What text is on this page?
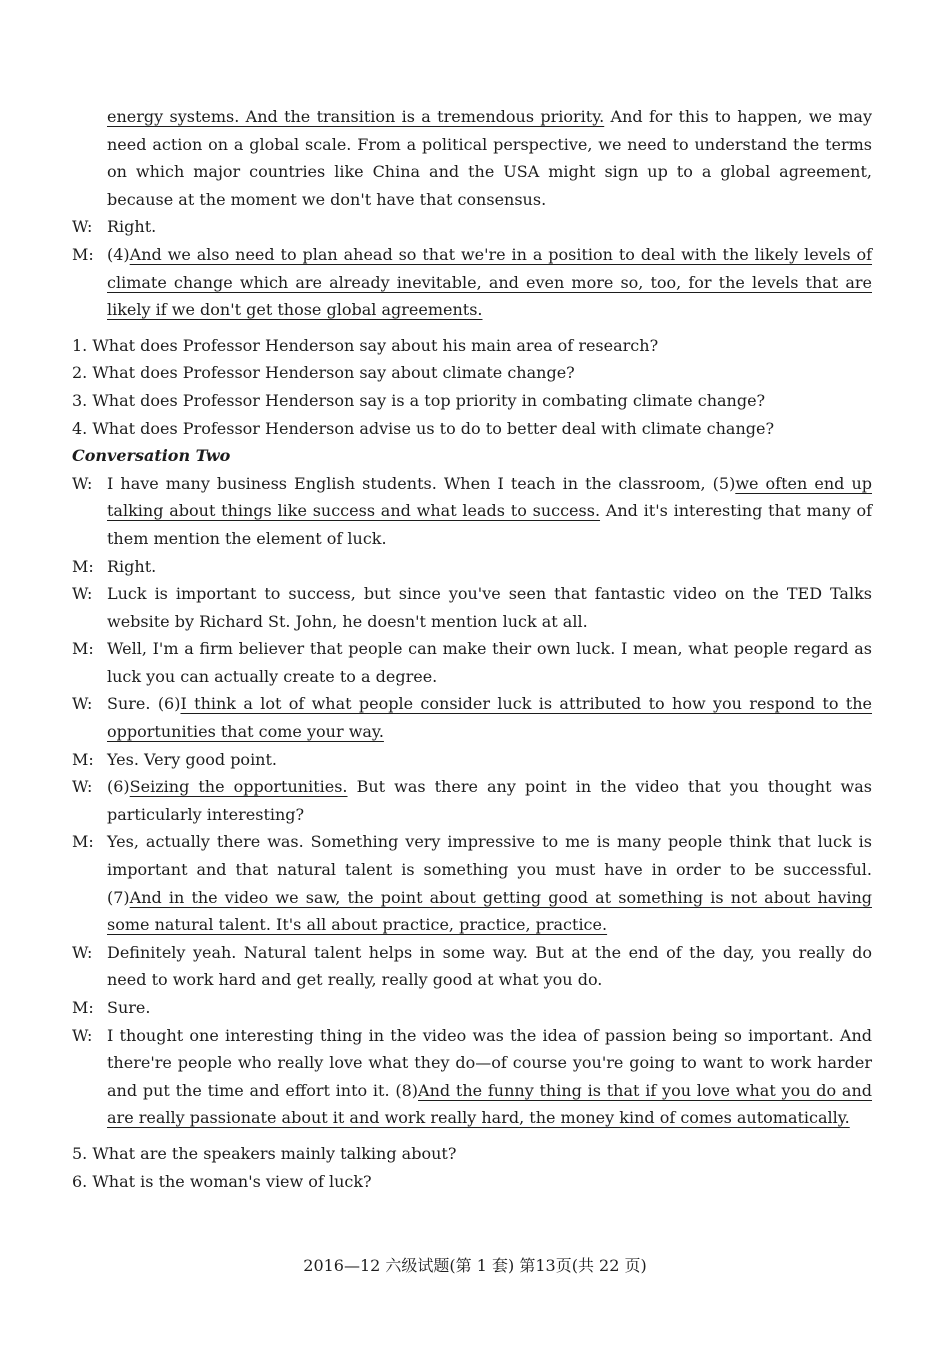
energy systems. And the transition is a tremendous priority. And for this to happen, we may need action on a global scale. From a political perspective, we need to understand the terms on which major countries like China and the USA might sign up to a global agreement, because at the moment we don't have that consensus.
W: Right.
M: (4)And we also need to plan ahead so that we're in a position to deal with the likely levels of climate change which are already inevitable, and even more so, too, for the levels that are likely if we don't get those global agreements.

1. What does Professor Henderson say about his main area of research?

2. What does Professor Henderson say about climate change?

3. What does Professor Henderson say is a top priority in combating climate change?

4. What does Professor Henderson advise us to do to better deal with climate change?

Conversation Two
W: I have many business English students. When I teach in the classroom, (5)we often end up talking about things like success and what leads to success. And it's interesting that many of them mention the element of luck.
M: Right.
W: Luck is important to success, but since you've seen that fantastic video on the TED Talks website by Richard St. John, he doesn't mention luck at all.
M: Well, I'm a firm believer that people can make their own luck. I mean, what people regard as luck you can actually create to a degree.
W: Sure. (6)I think a lot of what people consider luck is attributed to how you respond to the opportunities that come your way.
M: Yes. Very good point.
W: (6)Seizing the opportunities. But was there any point in the video that you thought was particularly interesting?
M: Yes, actually there was. Something very impressive to me is many people think that luck is important and that natural talent is something you must have in order to be successful. (7)And in the video we saw, the point about getting good at something is not about having some natural talent. It's all about practice, practice, practice.
W: Definitely yeah. Natural talent helps in some way. But at the end of the day, you really do need to work hard and get really, really good at what you do.
M: Sure.
W: I thought one interesting thing in the video was the idea of passion being so important. And there're people who really love what they do—of course you're going to want to work harder and put the time and effort into it. (8)And the funny thing is that if you love what you do and are really passionate about it and work really hard, the money kind of comes automatically.

5. What are the speakers mainly talking about?

6. What is the woman's view of luck?

2016—12 六级试题(第 1 套) 第13页(共 22 页)
